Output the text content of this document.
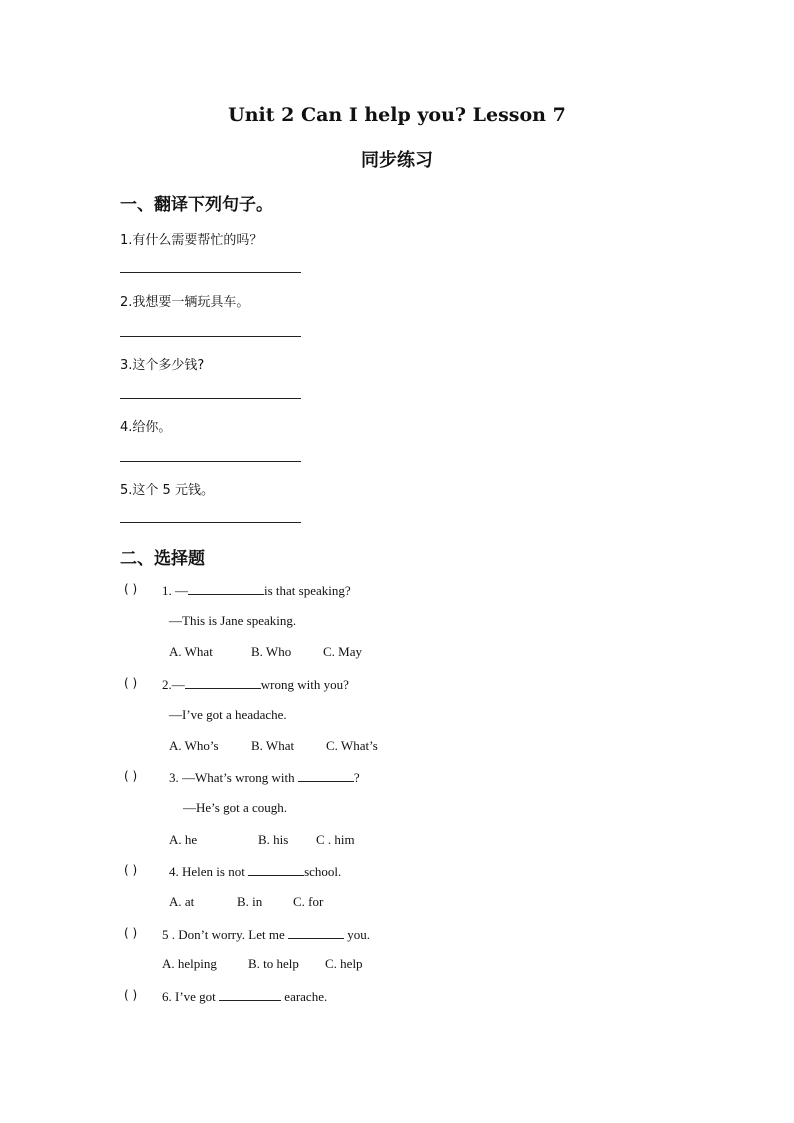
Unit 2 Can I help you? Lesson 7
同步练习
一、翻译下列句子。
1.有什么需要帮忙的吗？
2.我想要一辆玩具车。
3.这个多少钱?
4.给你。
5.这个 5 元钱。
二、选择题
( ) 1. —	is that speaking?
—This is Jane speaking.
A. What	B. Who C. May
( ) 2.—	wrong with you?
—I’ve got a headache.
A. Who’s B. What C. What’s
( ) 3. —What’s wrong with	?
—He’s got a cough.
A. he	B. his C . him
( ) 4. Helen is not	school.
A. at	B. in C. for
( ) 5 . Don’t worry. Let me	you.
A. helping B. to help C. help
( ) 6. I’ve got	earache.
